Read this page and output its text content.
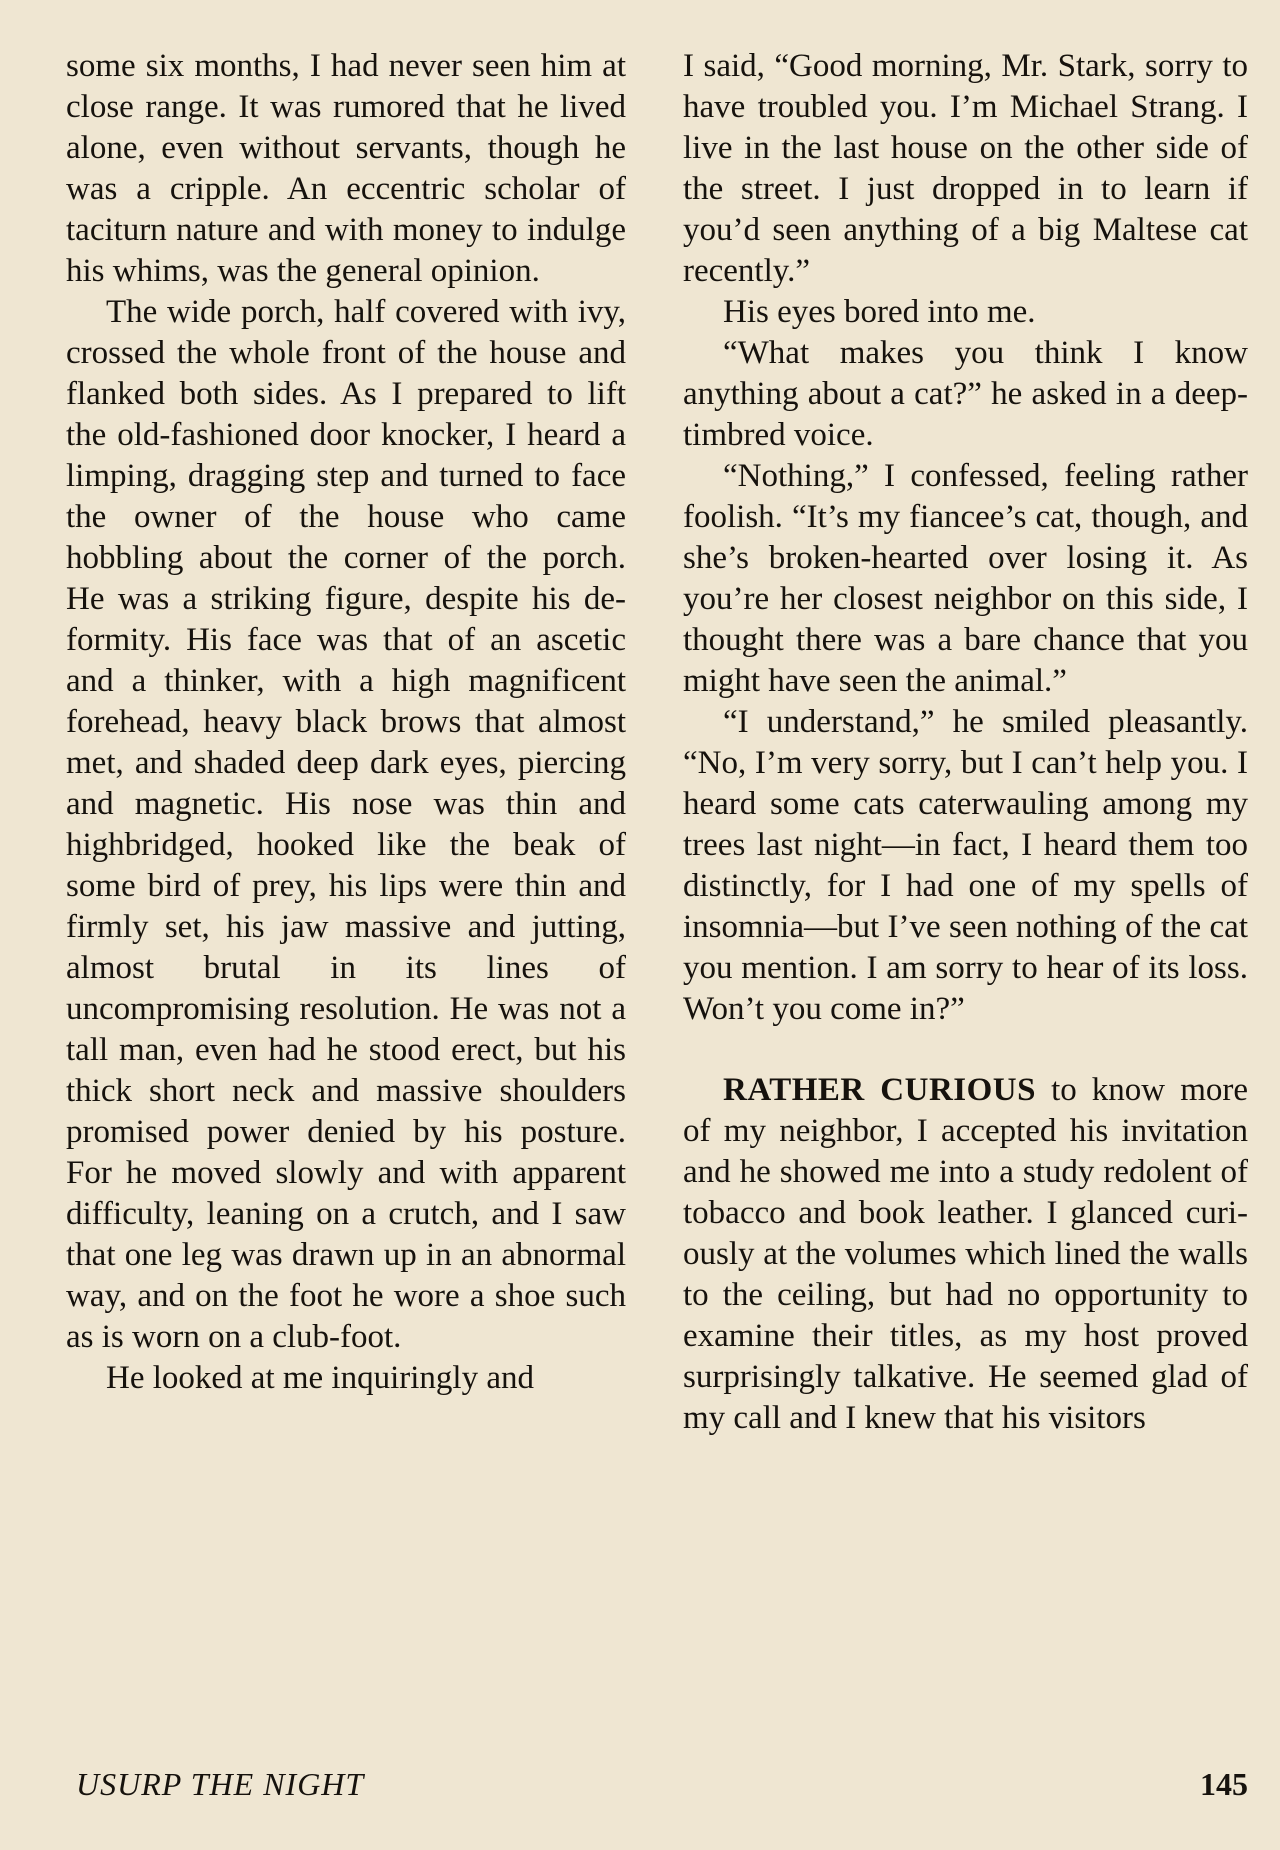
some six months, I had never seen him at close range. It was rumored that he lived alone, even without servants, though he was a cripple. An eccentric scholar of taciturn nature and with money to indulge his whims, was the general opinion.

The wide porch, half covered with ivy, crossed the whole front of the house and flanked both sides. As I prepared to lift the old-fashioned door knocker, I heard a limping, dragging step and turned to face the owner of the house who came hobbling about the corner of the porch. He was a striking figure, despite his deformity. His face was that of an ascetic and a thinker, with a high magnificent forehead, heavy black brows that almost met, and shaded deep dark eyes, piercing and magnetic. His nose was thin and highbridged, hooked like the beak of some bird of prey, his lips were thin and firmly set, his jaw massive and jutting, almost brutal in its lines of uncompromising resolution. He was not a tall man, even had he stood erect, but his thick short neck and massive shoulders promised power denied by his posture. For he moved slowly and with apparent difficulty, leaning on a crutch, and I saw that one leg was drawn up in an abnormal way, and on the foot he wore a shoe such as is worn on a club-foot.

He looked at me inquiringly and

I said, “Good morning, Mr. Stark, sorry to have troubled you. I’m Michael Strang. I live in the last house on the other side of the street. I just dropped in to learn if you’d seen anything of a big Maltese cat recently.”

His eyes bored into me.

“What makes you think I know anything about a cat?” he asked in a deep-timbred voice.

“Nothing,” I confessed, feeling rather foolish. “It’s my fiancee’s cat, though, and she’s broken-hearted over losing it. As you’re her closest neighbor on this side, I thought there was a bare chance that you might have seen the animal.”

“I understand,” he smiled pleasantly. “No, I’m very sorry, but I can’t help you. I heard some cats caterwauling among my trees last night—in fact, I heard them too distinctly, for I had one of my spells of insomnia—but I’ve seen nothing of the cat you mention. I am sorry to hear of its loss. Won’t you come in?”

RATHER CURIOUS to know more of my neighbor, I accepted his invitation and he showed me into a study redolent of tobacco and book leather. I glanced curiously at the volumes which lined the walls to the ceiling, but had no opportunity to examine their titles, as my host proved surprisingly talkative. He seemed glad of my call and I knew that his visitors

USURP THE NIGHT	145
